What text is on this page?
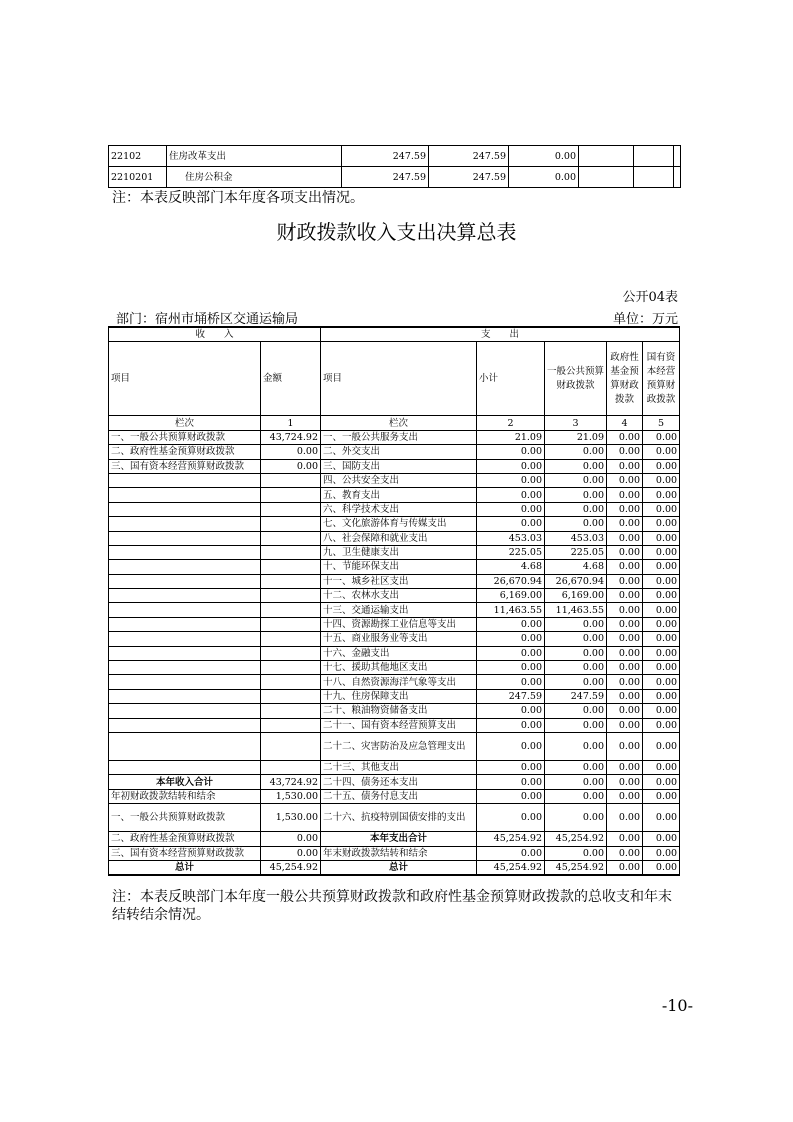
22102	住房改革支出	247.59	247.59	0.00			
2210201	住房公积金	247.59	247.59	0.00			
注：本表反映部门本年度各项支出情况。
财政拨款收入支出决算总表
公开04表
部门：宿州市埇桥区交通运输局	单位：万元
收　　入		支　　出				
项目	金额	项目	小计	一般公共预算财政拨款	政府性基金预算财政拨款	国有资本经营预算财政拨款
栏次	1	栏次	2	3	4	5
一、一般公共预算财政拨款	43,724.92	一、一般公共服务支出	21.09	21.09	0.00	0.00
二、政府性基金预算财政拨款	0.00	二、外交支出	0.00	0.00	0.00	0.00
三、国有资本经营预算财政拨款	0.00	三、国防支出	0.00	0.00	0.00	0.00
		四、公共安全支出	0.00	0.00	0.00	0.00
		五、教育支出	0.00	0.00	0.00	0.00
		六、科学技术支出	0.00	0.00	0.00	0.00
		七、文化旅游体育与传媒支出	0.00	0.00	0.00	0.00
		八、社会保障和就业支出	453.03	453.03	0.00	0.00
		九、卫生健康支出	225.05	225.05	0.00	0.00
		十、节能环保支出	4.68	4.68	0.00	0.00
		十一、城乡社区支出	26,670.94	26,670.94	0.00	0.00
		十二、农林水支出	6,169.00	6,169.00	0.00	0.00
		十三、交通运输支出	11,463.55	11,463.55	0.00	0.00
		十四、资源勘探工业信息等支出	0.00	0.00	0.00	0.00
		十五、商业服务业等支出	0.00	0.00	0.00	0.00
		十六、金融支出	0.00	0.00	0.00	0.00
		十七、援助其他地区支出	0.00	0.00	0.00	0.00
		十八、自然资源海洋气象等支出	0.00	0.00	0.00	0.00
		十九、住房保障支出	247.59	247.59	0.00	0.00
		二十、粮油物资储备支出	0.00	0.00	0.00	0.00
		二十一、国有资本经营预算支出	0.00	0.00	0.00	0.00
		二十二、灾害防治及应急管理支出	0.00	0.00	0.00	0.00
		二十三、其他支出	0.00	0.00	0.00	0.00
本年收入合计	43,724.92	二十四、债务还本支出	0.00	0.00	0.00	0.00
年初财政拨款结转和结余	1,530.00	二十五、债务付息支出	0.00	0.00	0.00	0.00
一、一般公共预算财政拨款	1,530.00	二十六、抗疫特别国债安排的支出	0.00	0.00	0.00	0.00
二、政府性基金预算财政拨款	0.00	本年支出合计	45,254.92	45,254.92	0.00	0.00
三、国有资本经营预算财政拨款	0.00	年末财政拨款结转和结余	0.00	0.00	0.00	0.00
总计	45,254.92	总计	45,254.92	45,254.92	0.00	0.00
注：本表反映部门本年度一般公共预算财政拨款和政府性基金预算财政拨款的总收支和年末结转结余情况。
-10-
